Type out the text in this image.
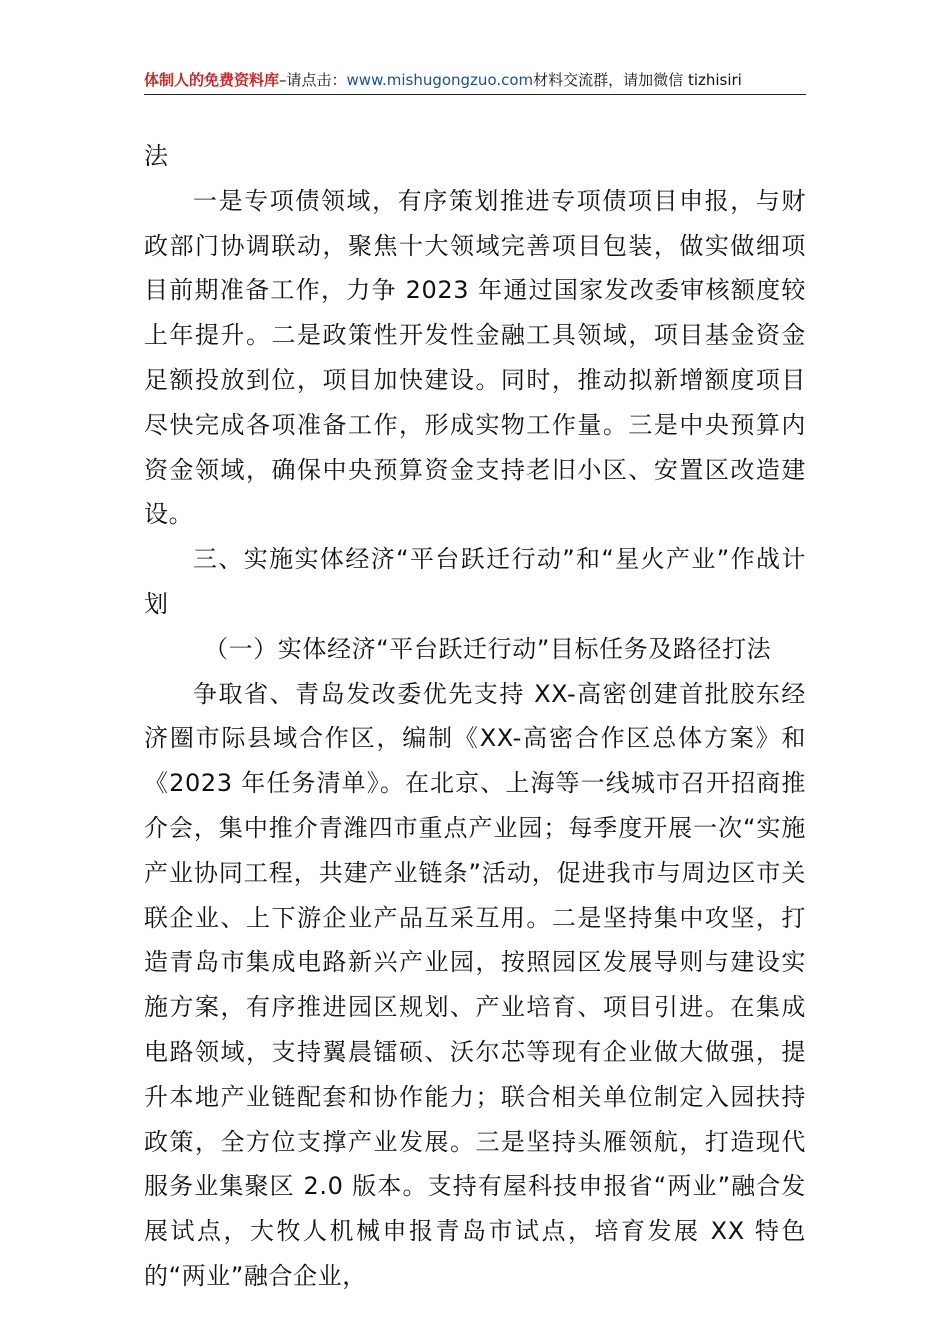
体制人的免费资料库–请点击：www.mishugongzuo.com材料交流群，请加微信 tizhisiri

法

一是专项债领域，有序策划推进专项债项目申报，与财政部门协调联动，聚焦十大领域完善项目包装，做实做细项目前期准备工作，力争 2023 年通过国家发改委审核额度较上年提升。二是政策性开发性金融工具领域，项目基金资金足额投放到位，项目加快建设。同时，推动拟新增额度项目尽快完成各项准备工作，形成实物工作量。三是中央预算内资金领域，确保中央预算资金支持老旧小区、安置区改造建设。

三、实施实体经济“平台跃迁行动”和“星火产业”作战计划

（一）实体经济“平台跃迁行动”目标任务及路径打法

争取省、青岛发改委优先支持 XX-高密创建首批胶东经济圈市际县域合作区，编制《XX-高密合作区总体方案》和《2023 年任务清单》。在北京、上海等一线城市召开招商推介会，集中推介青潍四市重点产业园；每季度开展一次“实施产业协同工程，共建产业链条”活动，促进我市与周边区市关联企业、上下游企业产品互采互用。二是坚持集中攻坚，打造青岛市集成电路新兴产业园，按照园区发展导则与建设实施方案，有序推进园区规划、产业培育、项目引进。在集成电路领域，支持翼晨镭硕、沃尔芯等现有企业做大做强，提升本地产业链配套和协作能力；联合相关单位制定入园扶持政策，全方位支撑产业发展。三是坚持头雁领航，打造现代服务业集聚区 2.0 版本。支持有屋科技申报省“两业”融合发展试点，大牧人机械申报青岛市试点，培育发展 XX 特色的“两业”融合企业，
